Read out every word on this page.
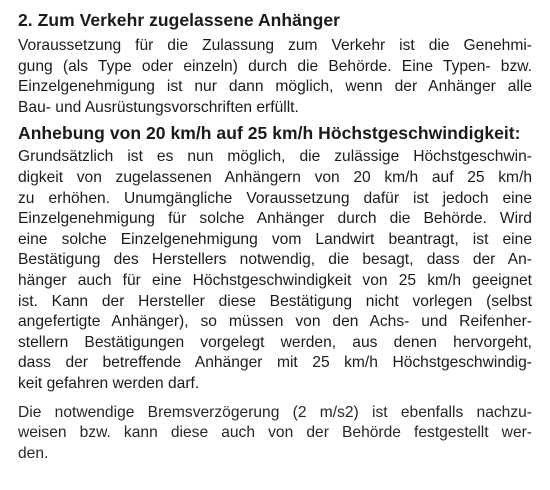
2. Zum Verkehr zugelassene Anhänger

Voraussetzung für die Zulassung zum Verkehr ist die Genehmi-
gung (als Type oder einzeln) durch die Behörde. Eine Typen- bzw.
Einzelgenehmigung ist nur dann möglich, wenn der Anhänger alle
Bau- und Ausrüstungsvorschriften erfüllt.

Anhebung von 20 km/h auf 25 km/h Höchstgeschwindigkeit:

Grundsätzlich ist es nun möglich, die zulässige Höchstgeschwin-
digkeit von zugelassenen Anhängern von 20 km/h auf 25 km/h
zu erhöhen. Unumgängliche Voraussetzung dafür ist jedoch eine
Einzelgenehmigung für solche Anhänger durch die Behörde. Wird
eine solche Einzelgenehmigung vom Landwirt beantragt, ist eine
Bestätigung des Herstellers notwendig, die besagt, dass der An-
hänger auch für eine Höchstgeschwindigkeit von 25 km/h geeignet
ist. Kann der Hersteller diese Bestätigung nicht vorlegen (selbst
angefertigte Anhänger), so müssen von den Achs- und Reifenher-
stellern Bestätigungen vorgelegt werden, aus denen hervorgeht,
dass der betreffende Anhänger mit 25 km/h Höchstgeschwindig-
keit gefahren werden darf.

Die notwendige Bremsverzögerung (2 m/s2) ist ebenfalls nachzu-
weisen bzw. kann diese auch von der Behörde festgestellt wer-
den.
